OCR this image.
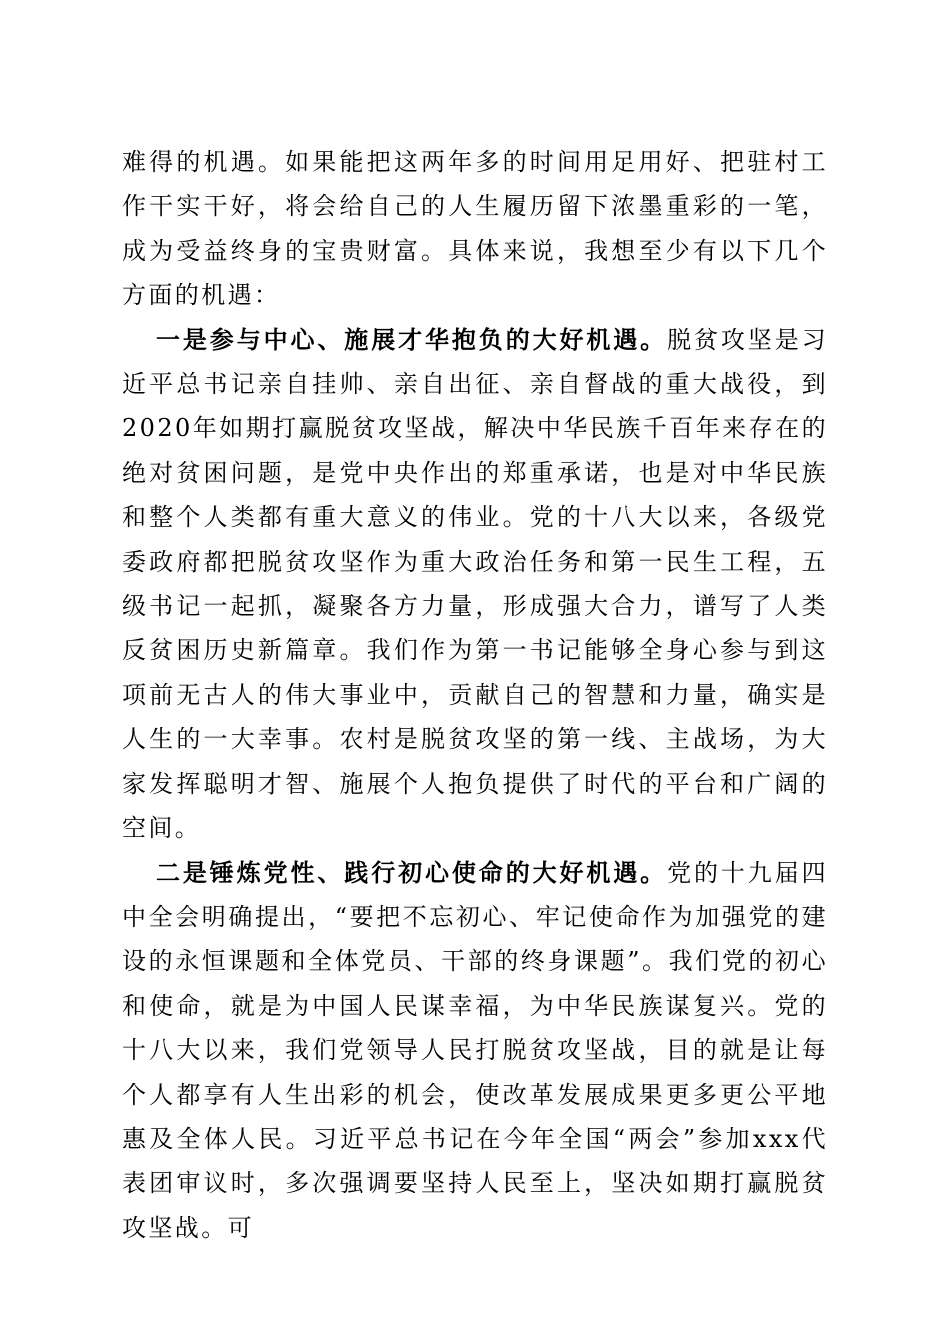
难得的机遇。如果能把这两年多的时间用足用好、把驻村工作干实干好，将会给自己的人生履历留下浓墨重彩的一笔，成为受益终身的宝贵财富。具体来说，我想至少有以下几个方面的机遇：

一是参与中心、施展才华抱负的大好机遇。脱贫攻坚是习近平总书记亲自挂帅、亲自出征、亲自督战的重大战役，到2020年如期打赢脱贫攻坚战，解决中华民族千百年来存在的绝对贫困问题，是党中央作出的郑重承诺，也是对中华民族和整个人类都有重大意义的伟业。党的十八大以来，各级党委政府都把脱贫攻坚作为重大政治任务和第一民生工程，五级书记一起抓，凝聚各方力量，形成强大合力，谱写了人类反贫困历史新篇章。我们作为第一书记能够全身心参与到这项前无古人的伟大事业中，贡献自己的智慧和力量，确实是人生的一大幸事。农村是脱贫攻坚的第一线、主战场，为大家发挥聪明才智、施展个人抱负提供了时代的平台和广阔的空间。

二是锤炼党性、践行初心使命的大好机遇。党的十九届四中全会明确提出，“要把不忘初心、牢记使命作为加强党的建设的永恒课题和全体党员、干部的终身课题”。我们党的初心和使命，就是为中国人民谋幸福，为中华民族谋复兴。党的十八大以来，我们党领导人民打脱贫攻坚战，目的就是让每个人都享有人生出彩的机会，使改革发展成果更多更公平地惠及全体人民。习近平总书记在今年全国“两会”参加xxx代表团审议时，多次强调要坚持人民至上，坚决如期打赢脱贫攻坚战。可
